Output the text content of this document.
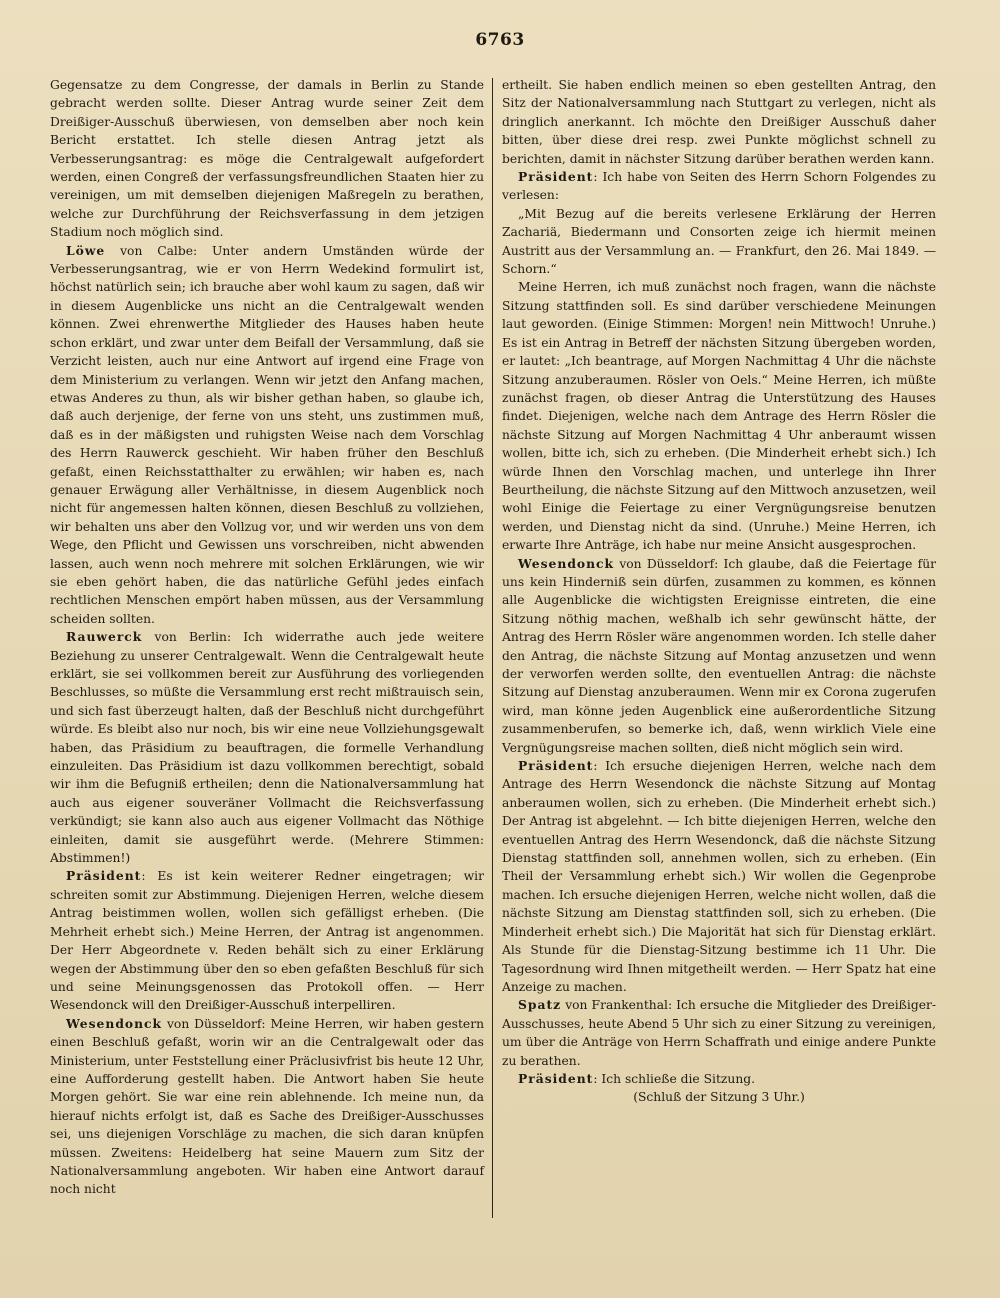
6763

Gegensatze zu dem Congresse, der damals in Berlin zu Stande gebracht werden sollte. Dieser Antrag wurde seiner Zeit dem Dreißiger-Ausschuß überwiesen, von demselben aber noch kein Bericht erstattet. Ich stelle diesen Antrag jetzt als Verbesserungsantrag: es möge die Centralgewalt aufgefordert werden, einen Congreß der verfassungsfreundlichen Staaten hier zu vereinigen, um mit demselben diejenigen Maßregeln zu berathen, welche zur Durchführung der Reichsverfassung in dem jetzigen Stadium noch möglich sind.

Löwe von Calbe: Unter andern Umständen würde der Verbesserungsantrag, wie er von Herrn Wedekind formulirt ist, höchst natürlich sein; ich brauche aber wohl kaum zu sagen, daß wir in diesem Augenblicke uns nicht an die Centralgewalt wenden können. Zwei ehrenwerthe Mitglieder des Hauses haben heute schon erklärt, und zwar unter dem Beifall der Versammlung, daß sie Verzicht leisten, auch nur eine Antwort auf irgend eine Frage von dem Ministerium zu verlangen. Wenn wir jetzt den Anfang machen, etwas Anderes zu thun, als wir bisher gethan haben, so glaube ich, daß auch derjenige, der ferne von uns steht, uns zustimmen muß, daß es in der mäßigsten und ruhigsten Weise nach dem Vorschlag des Herrn Rauwerck geschieht. Wir haben früher den Beschluß gefaßt, einen Reichsstatthalter zu erwählen; wir haben es, nach genauer Erwägung aller Verhältnisse, in diesem Augenblick noch nicht für angemessen halten können, diesen Beschluß zu vollziehen, wir behalten uns aber den Vollzug vor, und wir werden uns von dem Wege, den Pflicht und Gewissen uns vorschreiben, nicht abwenden lassen, auch wenn noch mehrere mit solchen Erklärungen, wie wir sie eben gehört haben, die das natürliche Gefühl jedes einfach rechtlichen Menschen empört haben müssen, aus der Versammlung scheiden sollten.

Rauwerck von Berlin: Ich widerrathe auch jede weitere Beziehung zu unserer Centralgewalt. Wenn die Centralgewalt heute erklärt, sie sei vollkommen bereit zur Ausführung des vorliegenden Beschlusses, so müßte die Versammlung erst recht mißtrauisch sein, und sich fast überzeugt halten, daß der Beschluß nicht durchgeführt würde. Es bleibt also nur noch, bis wir eine neue Vollziehungsgewalt haben, das Präsidium zu beauftragen, die formelle Verhandlung einzuleiten. Das Präsidium ist dazu vollkommen berechtigt, sobald wir ihm die Befugniß ertheilen; denn die Nationalversammlung hat auch aus eigener souveräner Vollmacht die Reichsverfassung verkündigt; sie kann also auch aus eigener Vollmacht das Nöthige einleiten, damit sie ausgeführt werde. (Mehrere Stimmen: Abstimmen!)

Präsident: Es ist kein weiterer Redner eingetragen; wir schreiten somit zur Abstimmung. Diejenigen Herren, welche diesem Antrag beistimmen wollen, wollen sich gefälligst erheben. (Die Mehrheit erhebt sich.) Meine Herren, der Antrag ist angenommen. Der Herr Abgeordnete v. Reden behält sich zu einer Erklärung wegen der Abstimmung über den so eben gefaßten Beschluß für sich und seine Meinungsgenossen das Protokoll offen. — Herr Wesendonck will den Dreißiger-Ausschuß interpelliren.

Wesendonck von Düsseldorf: Meine Herren, wir haben gestern einen Beschluß gefaßt, worin wir an die Centralgewalt oder das Ministerium, unter Feststellung einer Präclusivfrist bis heute 12 Uhr, eine Aufforderung gestellt haben. Die Antwort haben Sie heute Morgen gehört. Sie war eine rein ablehnende. Ich meine nun, da hierauf nichts erfolgt ist, daß es Sache des Dreißiger-Ausschusses sei, uns diejenigen Vorschläge zu machen, die sich daran knüpfen müssen. Zweitens: Heidelberg hat seine Mauern zum Sitz der Nationalversammlung angeboten. Wir haben eine Antwort darauf noch nicht

ertheilt. Sie haben endlich meinen so eben gestellten Antrag, den Sitz der Nationalversammlung nach Stuttgart zu verlegen, nicht als dringlich anerkannt. Ich möchte den Dreißiger Ausschuß daher bitten, über diese drei resp. zwei Punkte möglichst schnell zu berichten, damit in nächster Sitzung darüber berathen werden kann.

Präsident: Ich habe von Seiten des Herrn Schorn Folgendes zu verlesen:

„Mit Bezug auf die bereits verlesene Erklärung der Herren Zachariä, Biedermann und Consorten zeige ich hiermit meinen Austritt aus der Versammlung an. — Frankfurt, den 26. Mai 1849. — Schorn.“

Meine Herren, ich muß zunächst noch fragen, wann die nächste Sitzung stattfinden soll. Es sind darüber verschiedene Meinungen laut geworden. (Einige Stimmen: Morgen! nein Mittwoch! Unruhe.) Es ist ein Antrag in Betreff der nächsten Sitzung übergeben worden, er lautet: „Ich beantrage, auf Morgen Nachmittag 4 Uhr die nächste Sitzung anzuberaumen. Rösler von Oels.“ Meine Herren, ich müßte zunächst fragen, ob dieser Antrag die Unterstützung des Hauses findet. Diejenigen, welche nach dem Antrage des Herrn Rösler die nächste Sitzung auf Morgen Nachmittag 4 Uhr anberaumt wissen wollen, bitte ich, sich zu erheben. (Die Minderheit erhebt sich.) Ich würde Ihnen den Vorschlag machen, und unterlege ihn Ihrer Beurtheilung, die nächste Sitzung auf den Mittwoch anzusetzen, weil wohl Einige die Feiertage zu einer Vergnügungsreise benutzen werden, und Dienstag nicht da sind. (Unruhe.) Meine Herren, ich erwarte Ihre Anträge, ich habe nur meine Ansicht ausgesprochen.

Wesendonck von Düsseldorf: Ich glaube, daß die Feiertage für uns kein Hinderniß sein dürfen, zusammen zu kommen, es können alle Augenblicke die wichtigsten Ereignisse eintreten, die eine Sitzung nöthig machen, weßhalb ich sehr gewünscht hätte, der Antrag des Herrn Rösler wäre angenommen worden. Ich stelle daher den Antrag, die nächste Sitzung auf Montag anzusetzen und wenn der verworfen werden sollte, den eventuellen Antrag: die nächste Sitzung auf Dienstag anzuberaumen. Wenn mir ex Corona zugerufen wird, man könne jeden Augenblick eine außerordentliche Sitzung zusammenberufen, so bemerke ich, daß, wenn wirklich Viele eine Vergnügungsreise machen sollten, dieß nicht möglich sein wird.

Präsident: Ich ersuche diejenigen Herren, welche nach dem Antrage des Herrn Wesendonck die nächste Sitzung auf Montag anberaumen wollen, sich zu erheben. (Die Minderheit erhebt sich.) Der Antrag ist abgelehnt. — Ich bitte diejenigen Herren, welche den eventuellen Antrag des Herrn Wesendonck, daß die nächste Sitzung Dienstag stattfinden soll, annehmen wollen, sich zu erheben. (Ein Theil der Versammlung erhebt sich.) Wir wollen die Gegenprobe machen. Ich ersuche diejenigen Herren, welche nicht wollen, daß die nächste Sitzung am Dienstag stattfinden soll, sich zu erheben. (Die Minderheit erhebt sich.) Die Majorität hat sich für Dienstag erklärt. Als Stunde für die Dienstag-Sitzung bestimme ich 11 Uhr. Die Tagesordnung wird Ihnen mitgetheilt werden. — Herr Spatz hat eine Anzeige zu machen.

Spatz von Frankenthal: Ich ersuche die Mitglieder des Dreißiger-Ausschusses, heute Abend 5 Uhr sich zu einer Sitzung zu vereinigen, um über die Anträge von Herrn Schaffrath und einige andere Punkte zu berathen.

Präsident: Ich schließe die Sitzung.

(Schluß der Sitzung 3 Uhr.)
